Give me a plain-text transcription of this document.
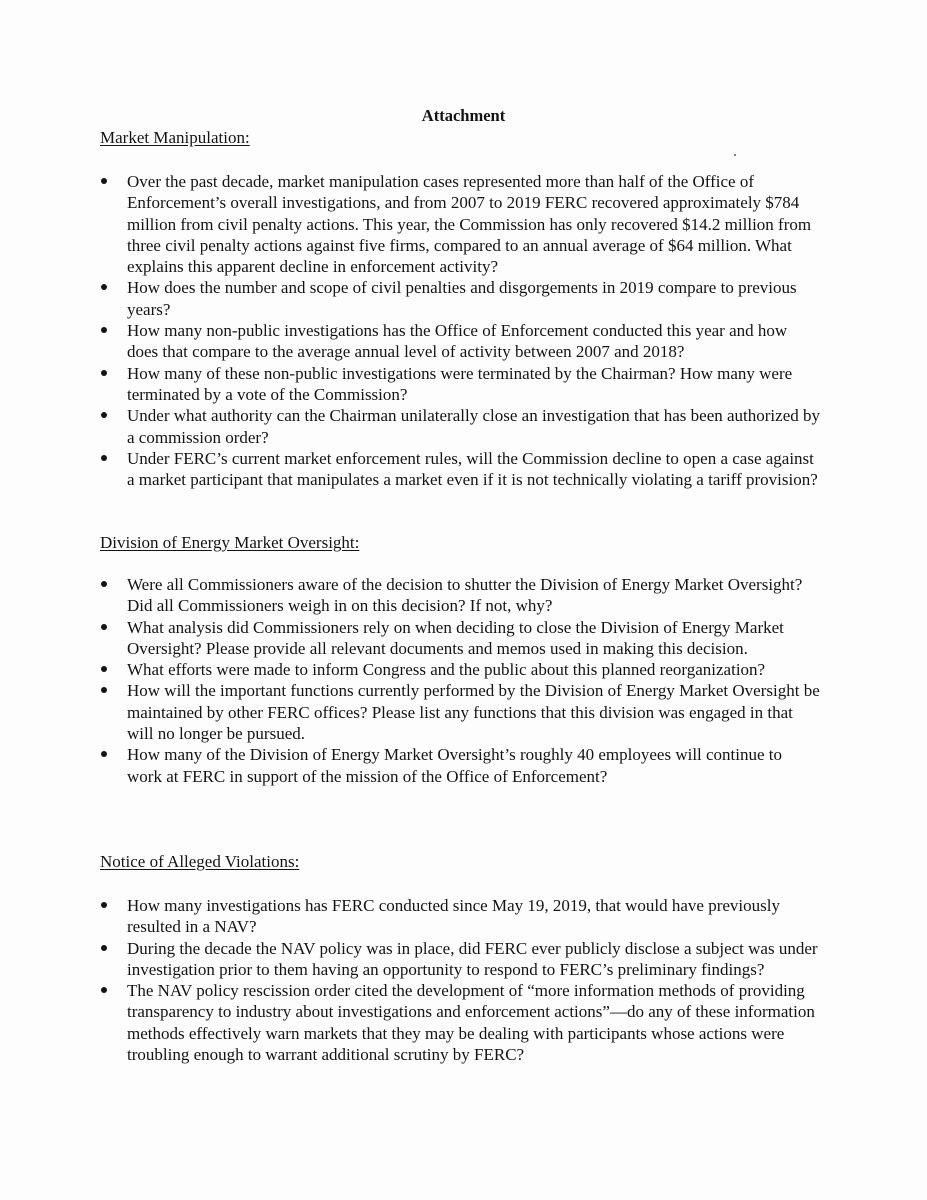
Attachment
Market Manipulation:
Over the past decade, market manipulation cases represented more than half of the Office of Enforcement’s overall investigations, and from 2007 to 2019 FERC recovered approximately $784 million from civil penalty actions. This year, the Commission has only recovered $14.2 million from three civil penalty actions against five firms, compared to an annual average of $64 million. What explains this apparent decline in enforcement activity?
How does the number and scope of civil penalties and disgorgements in 2019 compare to previous years?
How many non-public investigations has the Office of Enforcement conducted this year and how does that compare to the average annual level of activity between 2007 and 2018?
How many of these non-public investigations were terminated by the Chairman? How many were terminated by a vote of the Commission?
Under what authority can the Chairman unilaterally close an investigation that has been authorized by a commission order?
Under FERC’s current market enforcement rules, will the Commission decline to open a case against a market participant that manipulates a market even if it is not technically violating a tariff provision?
Division of Energy Market Oversight:
Were all Commissioners aware of the decision to shutter the Division of Energy Market Oversight? Did all Commissioners weigh in on this decision? If not, why?
What analysis did Commissioners rely on when deciding to close the Division of Energy Market Oversight? Please provide all relevant documents and memos used in making this decision.
What efforts were made to inform Congress and the public about this planned reorganization?
How will the important functions currently performed by the Division of Energy Market Oversight be maintained by other FERC offices? Please list any functions that this division was engaged in that will no longer be pursued.
How many of the Division of Energy Market Oversight’s roughly 40 employees will continue to work at FERC in support of the mission of the Office of Enforcement?
Notice of Alleged Violations:
How many investigations has FERC conducted since May 19, 2019, that would have previously resulted in a NAV?
During the decade the NAV policy was in place, did FERC ever publicly disclose a subject was under investigation prior to them having an opportunity to respond to FERC’s preliminary findings?
The NAV policy rescission order cited the development of “more information methods of providing transparency to industry about investigations and enforcement actions”—do any of these information methods effectively warn markets that they may be dealing with participants whose actions were troubling enough to warrant additional scrutiny by FERC?
